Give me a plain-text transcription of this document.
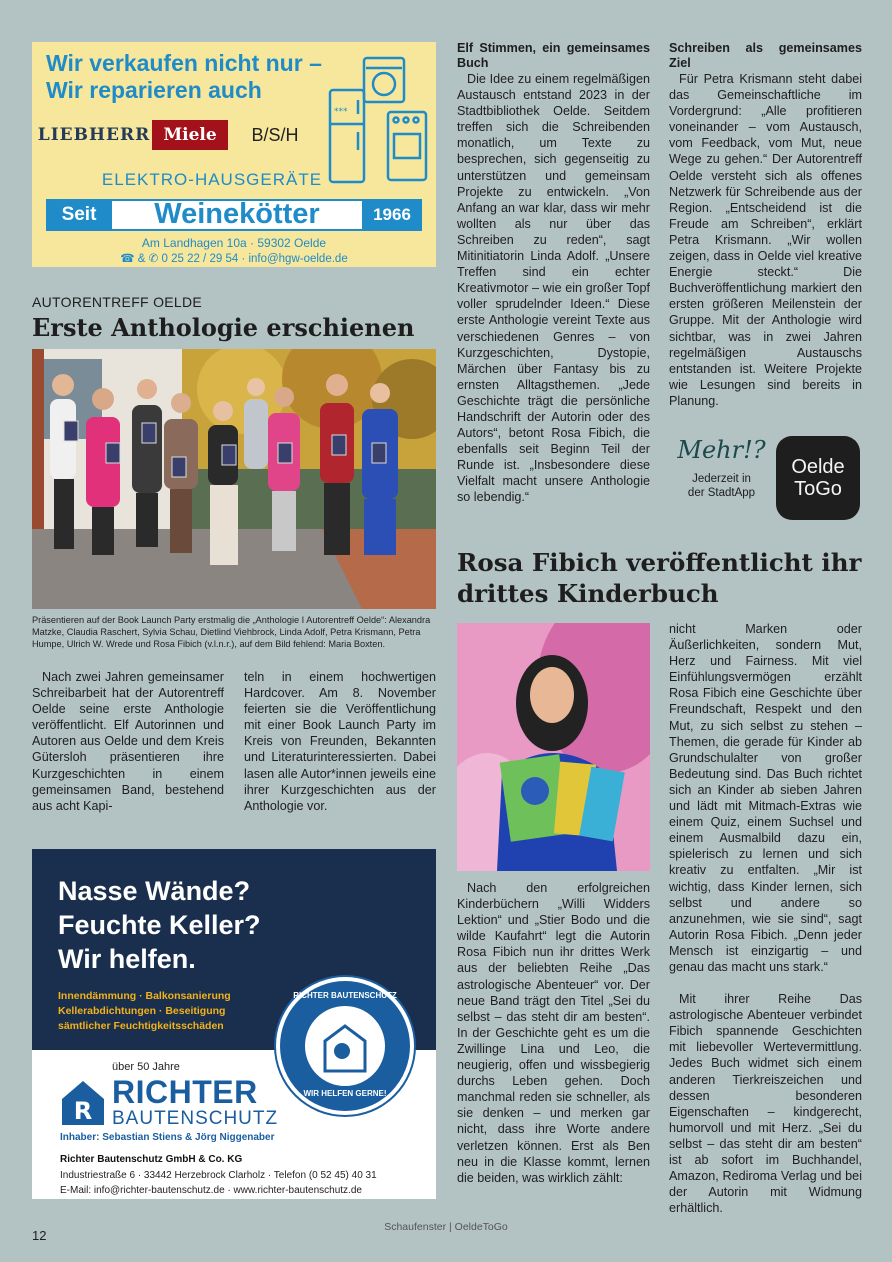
Wir verkaufen nicht nur –
Wir reparieren auch
***
LIEBHERR Miele	B/S/H
ELEKTRO-HAUSGERÄTE
Seit	Weinekötter	1966
Am Landhagen 10a · 59302 Oelde
☎ & ✆ 0 25 22 / 29 54 · info@hgw-oelde.de
AUTORENTREFF OELDE
Erste Anthologie erschienen
Präsentieren auf der Book Launch Party erstmalig die „Anthologie I Autorentreff Oelde“: Alexandra Matzke, Claudia Raschert, Sylvia Schau, Dietlind Viehbrock, Linda Adolf, Petra Krismann, Petra Humpe, Ulrich W. Wrede und Rosa Fibich (v.l.n.r.), auf dem Bild fehlend: Maria Boxten.

Nach zwei Jahren gemeinsamer Schreibarbeit hat der Autorentreff Oelde seine erste Anthologie veröffentlicht. Elf Autorinnen und Autoren aus Oelde und dem Kreis Gütersloh präsentieren ihre Kurzgeschichten in einem gemeinsamen Band, bestehend aus acht Kapi-

teln in einem hochwertigen Hardcover. Am 8. November feierten sie die Veröffentlichung mit einer Book Launch Party im Kreis von Freunden, Bekannten und Literaturinteressierten. Dabei lasen alle Autor*innen jeweils eine ihrer Kurzgeschichten aus der Anthologie vor.

Elf Stimmen, ein gemeinsames Buch

Die Idee zu einem regelmäßigen Austausch entstand 2023 in der Stadtbibliothek Oelde. Seitdem treffen sich die Schreibenden monatlich, um Texte zu besprechen, sich gegenseitig zu unterstützen und gemeinsam Projekte zu entwickeln. „Von Anfang an war klar, dass wir mehr wollten als nur über das Schreiben zu reden“, sagt Mitinitiatorin Linda Adolf. „Unsere Treffen sind ein echter Kreativmotor – wie ein großer Topf voller sprudelnder Ideen.“ Diese erste Anthologie vereint Texte aus verschiedenen Genres – von Kurzgeschichten, Dystopie, Märchen über Fantasy bis zu ernsten Alltagsthemen. „Jede Geschichte trägt die persönliche Handschrift der Autorin oder des Autors“, betont Rosa Fibich, die ebenfalls seit Beginn Teil der Runde ist. „Insbesondere diese Vielfalt macht unsere Anthologie so lebendig.“

Schreiben als gemeinsames Ziel

Für Petra Krismann steht dabei das Gemeinschaftliche im Vordergrund: „Alle profitieren voneinander – vom Austausch, vom Feedback, vom Mut, neue Wege zu gehen.“ Der Autorentreff Oelde versteht sich als offenes Netzwerk für Schreibende aus der Region. „Entscheidend ist die Freude am Schreiben“, erklärt Petra Krismann. „Wir wollen zeigen, dass in Oelde viel kreative Energie steckt.“ Die Buchveröffentlichung markiert den ersten größeren Meilenstein der Gruppe. Mit der Anthologie wird sichtbar, was in zwei Jahren regelmäßigen Austauschs entstanden ist. Weitere Projekte wie Lesungen sind bereits in Planung.

Mehr!?
Jederzeit in
der StadtApp
Oelde
ToGo
Rosa Fibich veröffentlicht ihr drittes Kinderbuch

Nach den erfolgreichen Kinderbüchern „Willi Widders Lektion“ und „Stier Bodo und die wilde Kaufahrt“ legt die Autorin Rosa Fibich nun ihr drittes Werk aus der beliebten Reihe „Das astrologische Abenteuer“ vor. Der neue Band trägt den Titel „Sei du selbst – das steht dir am besten“. In der Geschichte geht es um die Zwillinge Lina und Leo, die neugierig, offen und wissbegierig durchs Leben gehen. Doch manchmal reden sie schneller, als sie denken – und merken gar nicht, dass ihre Worte andere verletzen können. Erst als Ben neu in die Klasse kommt, lernen die beiden, was wirklich zählt:

nicht Marken oder Äußerlichkeiten, sondern Mut, Herz und Fairness. Mit viel Einfühlungsvermögen erzählt Rosa Fibich eine Geschichte über Freundschaft, Respekt und den Mut, zu sich selbst zu stehen – Themen, die gerade für Kinder ab Grundschulalter von großer Bedeutung sind. Das Buch richtet sich an Kinder ab sieben Jahren und lädt mit Mitmach-Extras wie einem Quiz, einem Suchsel und einem Ausmalbild dazu ein, spielerisch zu lernen und sich kreativ zu entfalten. „Mir ist wichtig, dass Kinder lernen, sich selbst und andere so anzunehmen, wie sie sind“, sagt Autorin Rosa Fibich. „Denn jeder Mensch ist einzigartig – und genau das macht uns stark.“

Mit ihrer Reihe Das astrologische Abenteuer verbindet Fibich spannende Geschichten mit liebevoller Wertevermittlung. Jedes Buch widmet sich einem anderen Tierkreiszeichen und dessen besonderen Eigenschaften – kindgerecht, humorvoll und mit Herz. „Sei du selbst – das steht dir am besten“ ist ab sofort im Buchhandel, Amazon, Rediroma Verlag und bei der Autorin mit Widmung erhältlich.

Nasse Wände?
Feuchte Keller?
Wir helfen.
Innendämmung · Balkonsanierung
Kellerabdichtungen · Beseitigung
sämtlicher Feuchtigkeitsschäden
RICHTER BAUTENSCHUTZ
WIR HELFEN GERNE!
über 50 Jahre
R
RICHTER
BAUTENSCHUTZ
Inhaber: Sebastian Stiens & Jörg Niggenaber
Richter Bautenschutz GmbH & Co. KG
Industriestraße 6 · 33442 Herzebrock Clarholz · Telefon (0 52 45) 40 31
E-Mail: info@richter-bautenschutz.de · www.richter-bautenschutz.de
12
Schaufenster | OeldeToGo
